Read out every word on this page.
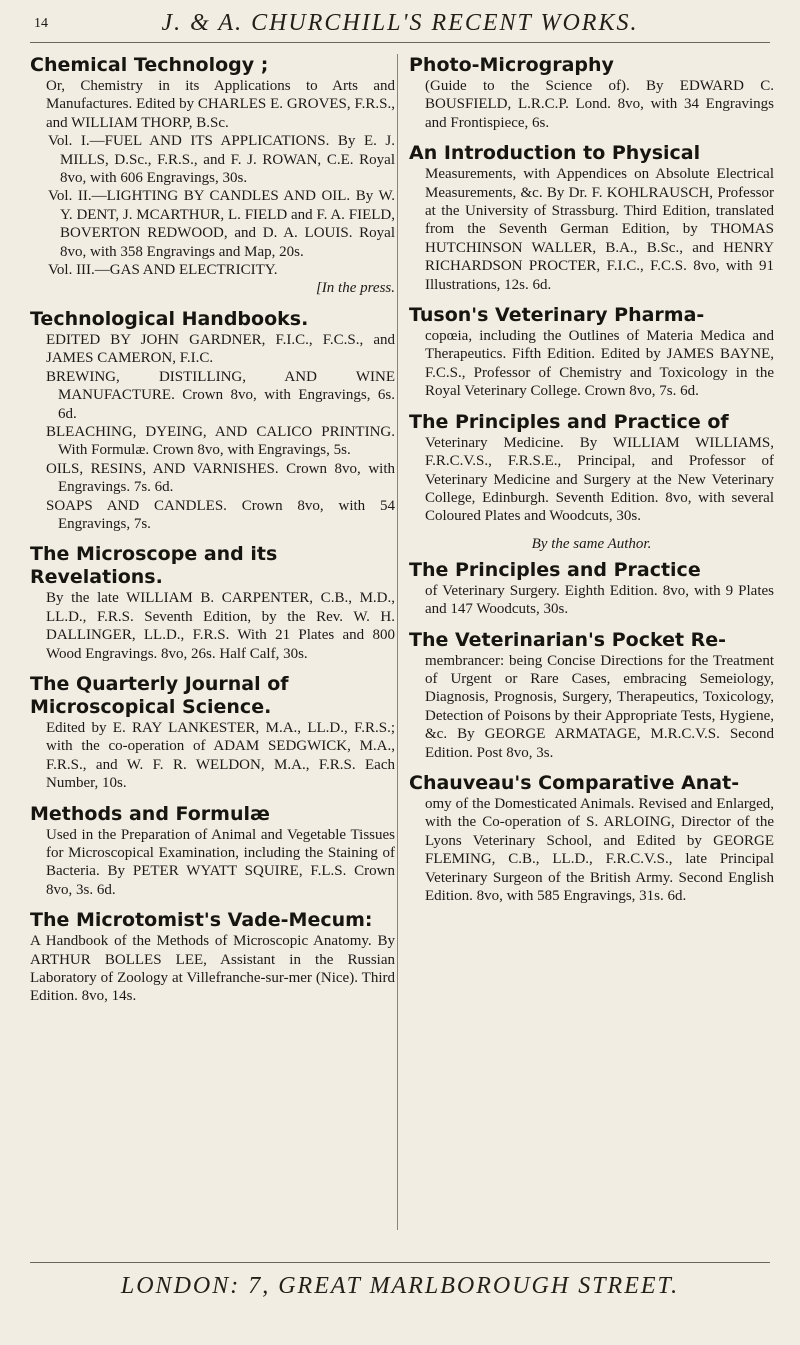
14	J. & A. CHURCHILL'S RECENT WORKS.
Chemical Technology ;
Or, Chemistry in its Applications to Arts and Manufactures. Edited by CHARLES E. GROVES, F.R.S., and WILLIAM THORP, B.Sc.
Vol. I.—FUEL AND ITS APPLICATIONS. By E. J. MILLS, D.Sc., F.R.S., and F. J. ROWAN, C.E. Royal 8vo, with 606 Engravings, 30s.
Vol. II.—LIGHTING BY CANDLES AND OIL. By W. Y. DENT, J. MCARTHUR, L. FIELD and F. A. FIELD, BOVERTON REDWOOD, and D. A. LOUIS. Royal 8vo, with 358 Engravings and Map, 20s.
Vol. III.—GAS AND ELECTRICITY.
[In the press.
Technological Handbooks.
EDITED BY JOHN GARDNER, F.I.C., F.C.S., and JAMES CAMERON, F.I.C.
BREWING, DISTILLING, AND WINE MANUFACTURE. Crown 8vo, with Engravings, 6s. 6d.
BLEACHING, DYEING, AND CALICO PRINTING. With Formulæ. Crown 8vo, with Engravings, 5s.
OILS, RESINS, AND VARNISHES. Crown 8vo, with Engravings. 7s. 6d.
SOAPS AND CANDLES. Crown 8vo, with 54 Engravings, 7s.
The Microscope and its Revelations.
By the late WILLIAM B. CARPENTER, C.B., M.D., LL.D., F.R.S. Seventh Edition, by the Rev. W. H. DALLINGER, LL.D., F.R.S. With 21 Plates and 800 Wood Engravings. 8vo, 26s. Half Calf, 30s.
The Quarterly Journal of Microscopical Science.
Edited by E. RAY LANKESTER, M.A., LL.D., F.R.S.; with the co-operation of ADAM SEDGWICK, M.A., F.R.S., and W. F. R. WELDON, M.A., F.R.S. Each Number, 10s.
Methods and Formulæ
Used in the Preparation of Animal and Vegetable Tissues for Microscopical Examination, including the Staining of Bacteria. By PETER WYATT SQUIRE, F.L.S. Crown 8vo, 3s. 6d.
The Microtomist's Vade-Mecum:
A Handbook of the Methods of Microscopic Anatomy. By ARTHUR BOLLES LEE, Assistant in the Russian Laboratory of Zoology at Villefranche-sur-mer (Nice). Third Edition. 8vo, 14s.
Photo-Micrography
(Guide to the Science of). By EDWARD C. BOUSFIELD, L.R.C.P. Lond. 8vo, with 34 Engravings and Frontispiece, 6s.
An Introduction to Physical
Measurements, with Appendices on Absolute Electrical Measurements, &c. By Dr. F. KOHLRAUSCH, Professor at the University of Strassburg. Third Edition, translated from the Seventh German Edition, by THOMAS HUTCHINSON WALLER, B.A., B.Sc., and HENRY RICHARDSON PROCTER, F.I.C., F.C.S. 8vo, with 91 Illustrations, 12s. 6d.
Tuson's Veterinary Pharma-
copœia, including the Outlines of Materia Medica and Therapeutics. Fifth Edition. Edited by JAMES BAYNE, F.C.S., Professor of Chemistry and Toxicology in the Royal Veterinary College. Crown 8vo, 7s. 6d.
The Principles and Practice of
Veterinary Medicine. By WILLIAM WILLIAMS, F.R.C.V.S., F.R.S.E., Principal, and Professor of Veterinary Medicine and Surgery at the New Veterinary College, Edinburgh. Seventh Edition. 8vo, with several Coloured Plates and Woodcuts, 30s.
By the same Author.
The Principles and Practice
of Veterinary Surgery. Eighth Edition. 8vo, with 9 Plates and 147 Woodcuts, 30s.
The Veterinarian's Pocket Re-
membrancer: being Concise Directions for the Treatment of Urgent or Rare Cases, embracing Semeiology, Diagnosis, Prognosis, Surgery, Therapeutics, Toxicology, Detection of Poisons by their Appropriate Tests, Hygiene, &c. By GEORGE ARMATAGE, M.R.C.V.S. Second Edition. Post 8vo, 3s.
Chauveau's Comparative Anat-
omy of the Domesticated Animals. Revised and Enlarged, with the Co-operation of S. ARLOING, Director of the Lyons Veterinary School, and Edited by GEORGE FLEMING, C.B., LL.D., F.R.C.V.S., late Principal Veterinary Surgeon of the British Army. Second English Edition. 8vo, with 585 Engravings, 31s. 6d.
LONDON: 7, GREAT MARLBOROUGH STREET.
